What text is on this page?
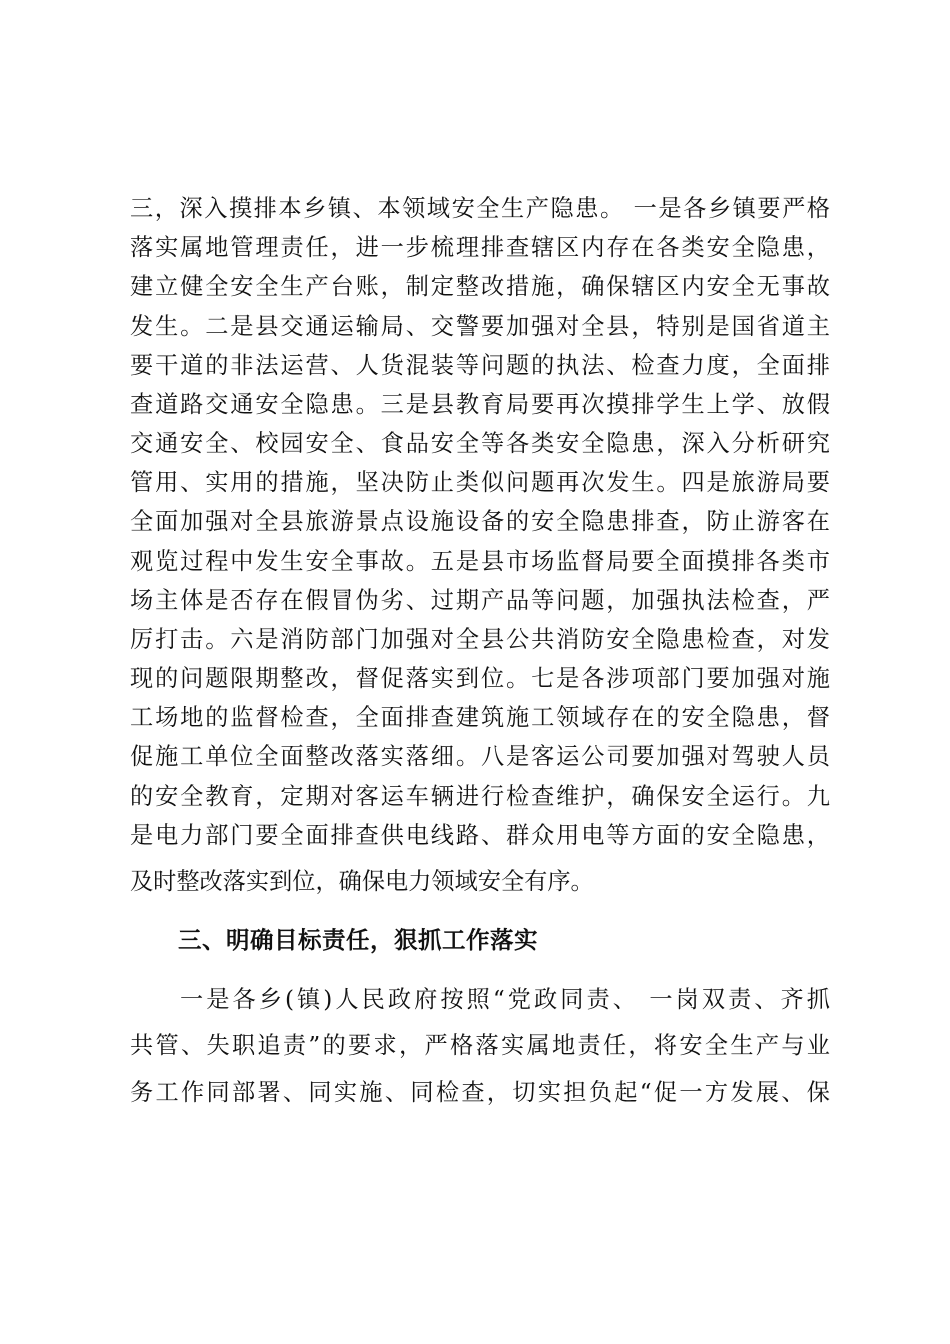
三，深入摸排本乡镇、本领域安全生产隐患。 一是各乡镇要严格
落实属地管理责任，进一步梳理排查辖区内存在各类安全隐患，
建立健全安全生产台账，制定整改措施，确保辖区内安全无事故
发生。二是县交通运输局、交警要加强对全县，特别是国省道主
要干道的非法运营、人货混装等问题的执法、检查力度，全面排
查道路交通安全隐患。三是县教育局要再次摸排学生上学、放假
交通安全、校园安全、食品安全等各类安全隐患，深入分析研究
管用、实用的措施，坚决防止类似问题再次发生。四是旅游局要
全面加强对全县旅游景点设施设备的安全隐患排查，防止游客在
观览过程中发生安全事故。五是县市场监督局要全面摸排各类市
场主体是否存在假冒伪劣、过期产品等问题，加强执法检查，严
厉打击。六是消防部门加强对全县公共消防安全隐患检查，对发
现的问题限期整改，督促落实到位。七是各涉项部门要加强对施
工场地的监督检查，全面排查建筑施工领域存在的安全隐患，督
促施工单位全面整改落实落细。八是客运公司要加强对驾驶人员
的安全教育，定期对客运车辆进行检查维护，确保安全运行。九
是电力部门要全面排查供电线路、群众用电等方面的安全隐患，
及时整改落实到位，确保电力领域安全有序。
三、明确目标责任，狠抓工作落实
一是各乡(镇)人民政府按照“党政同责、 一岗双责、齐抓
共管、失职追责”的要求，严格落实属地责任，将安全生产与业
务工作同部署、同实施、同检查，切实担负起“促一方发展、保
